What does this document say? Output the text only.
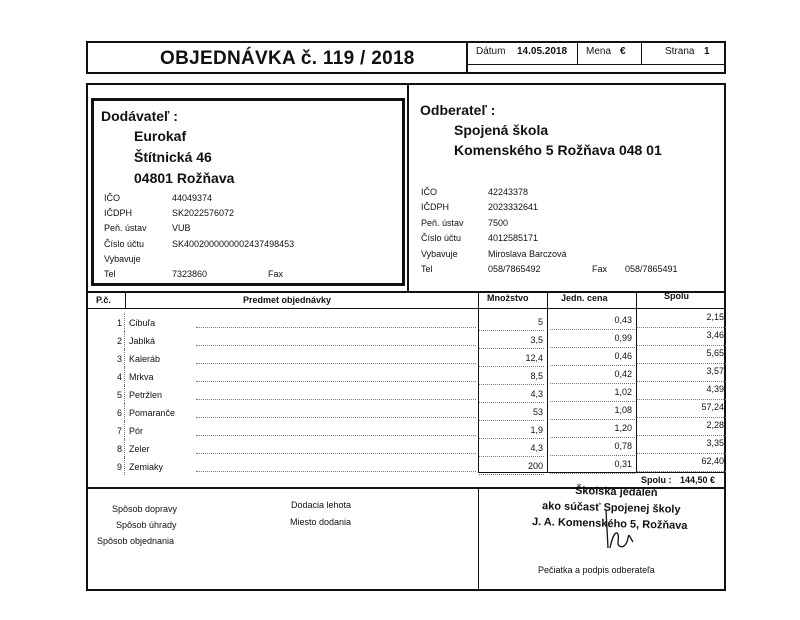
OBJEDNÁVKA č. 119 / 2018	Dátum 14.05.2018 Mena €	Strana 1
Dodávateľ :
Eurokaf
Štítnická 46
04801 Rožňava
IČO	44049374
IČDPH	SK2022576072
Peň. ústav	VUB
Číslo účtu	SK4002000000002437498453
Vybavuje
Tel	7323860	Fax
Odberateľ :
Spojená škola
Komenského 5 Rožňava 048 01
IČO	42243378
IČDPH	2023332641
Peň. ústav	7500
Číslo účtu	4012585171
Vybavuje	Miroslava Barczová
Tel	058/7865492	Fax 058/7865491
P.č.	Predmet objednávky	Množstvo	Jedn. cena	Spolu
1 Cibuľa	5	0,43	2,15
2 Jablká	3,5	0,99	3,46
3 Kaleráb	12,4	0,46	5,65
4 Mrkva	8,5	0,42	3,57
5 Petržlen	4,3	1,02	4,39
6 Pomaranče	53	1,08	57,24
7 Pór	1,9	1,20	2,28
8 Zeler	4,3	0,78	3,35
9 Zemiaky	200	0,31	62,40
Spolu : 144,50 €
Spôsob dopravy
Spôsob úhrady
Spôsob objednania
Dodacia lehota
Miesto dodania
Školská jedáleň
ako súčasť Spojenej školy
J. A. Komenského 5, Rožňava
Pečiatka a podpis odberateľa
